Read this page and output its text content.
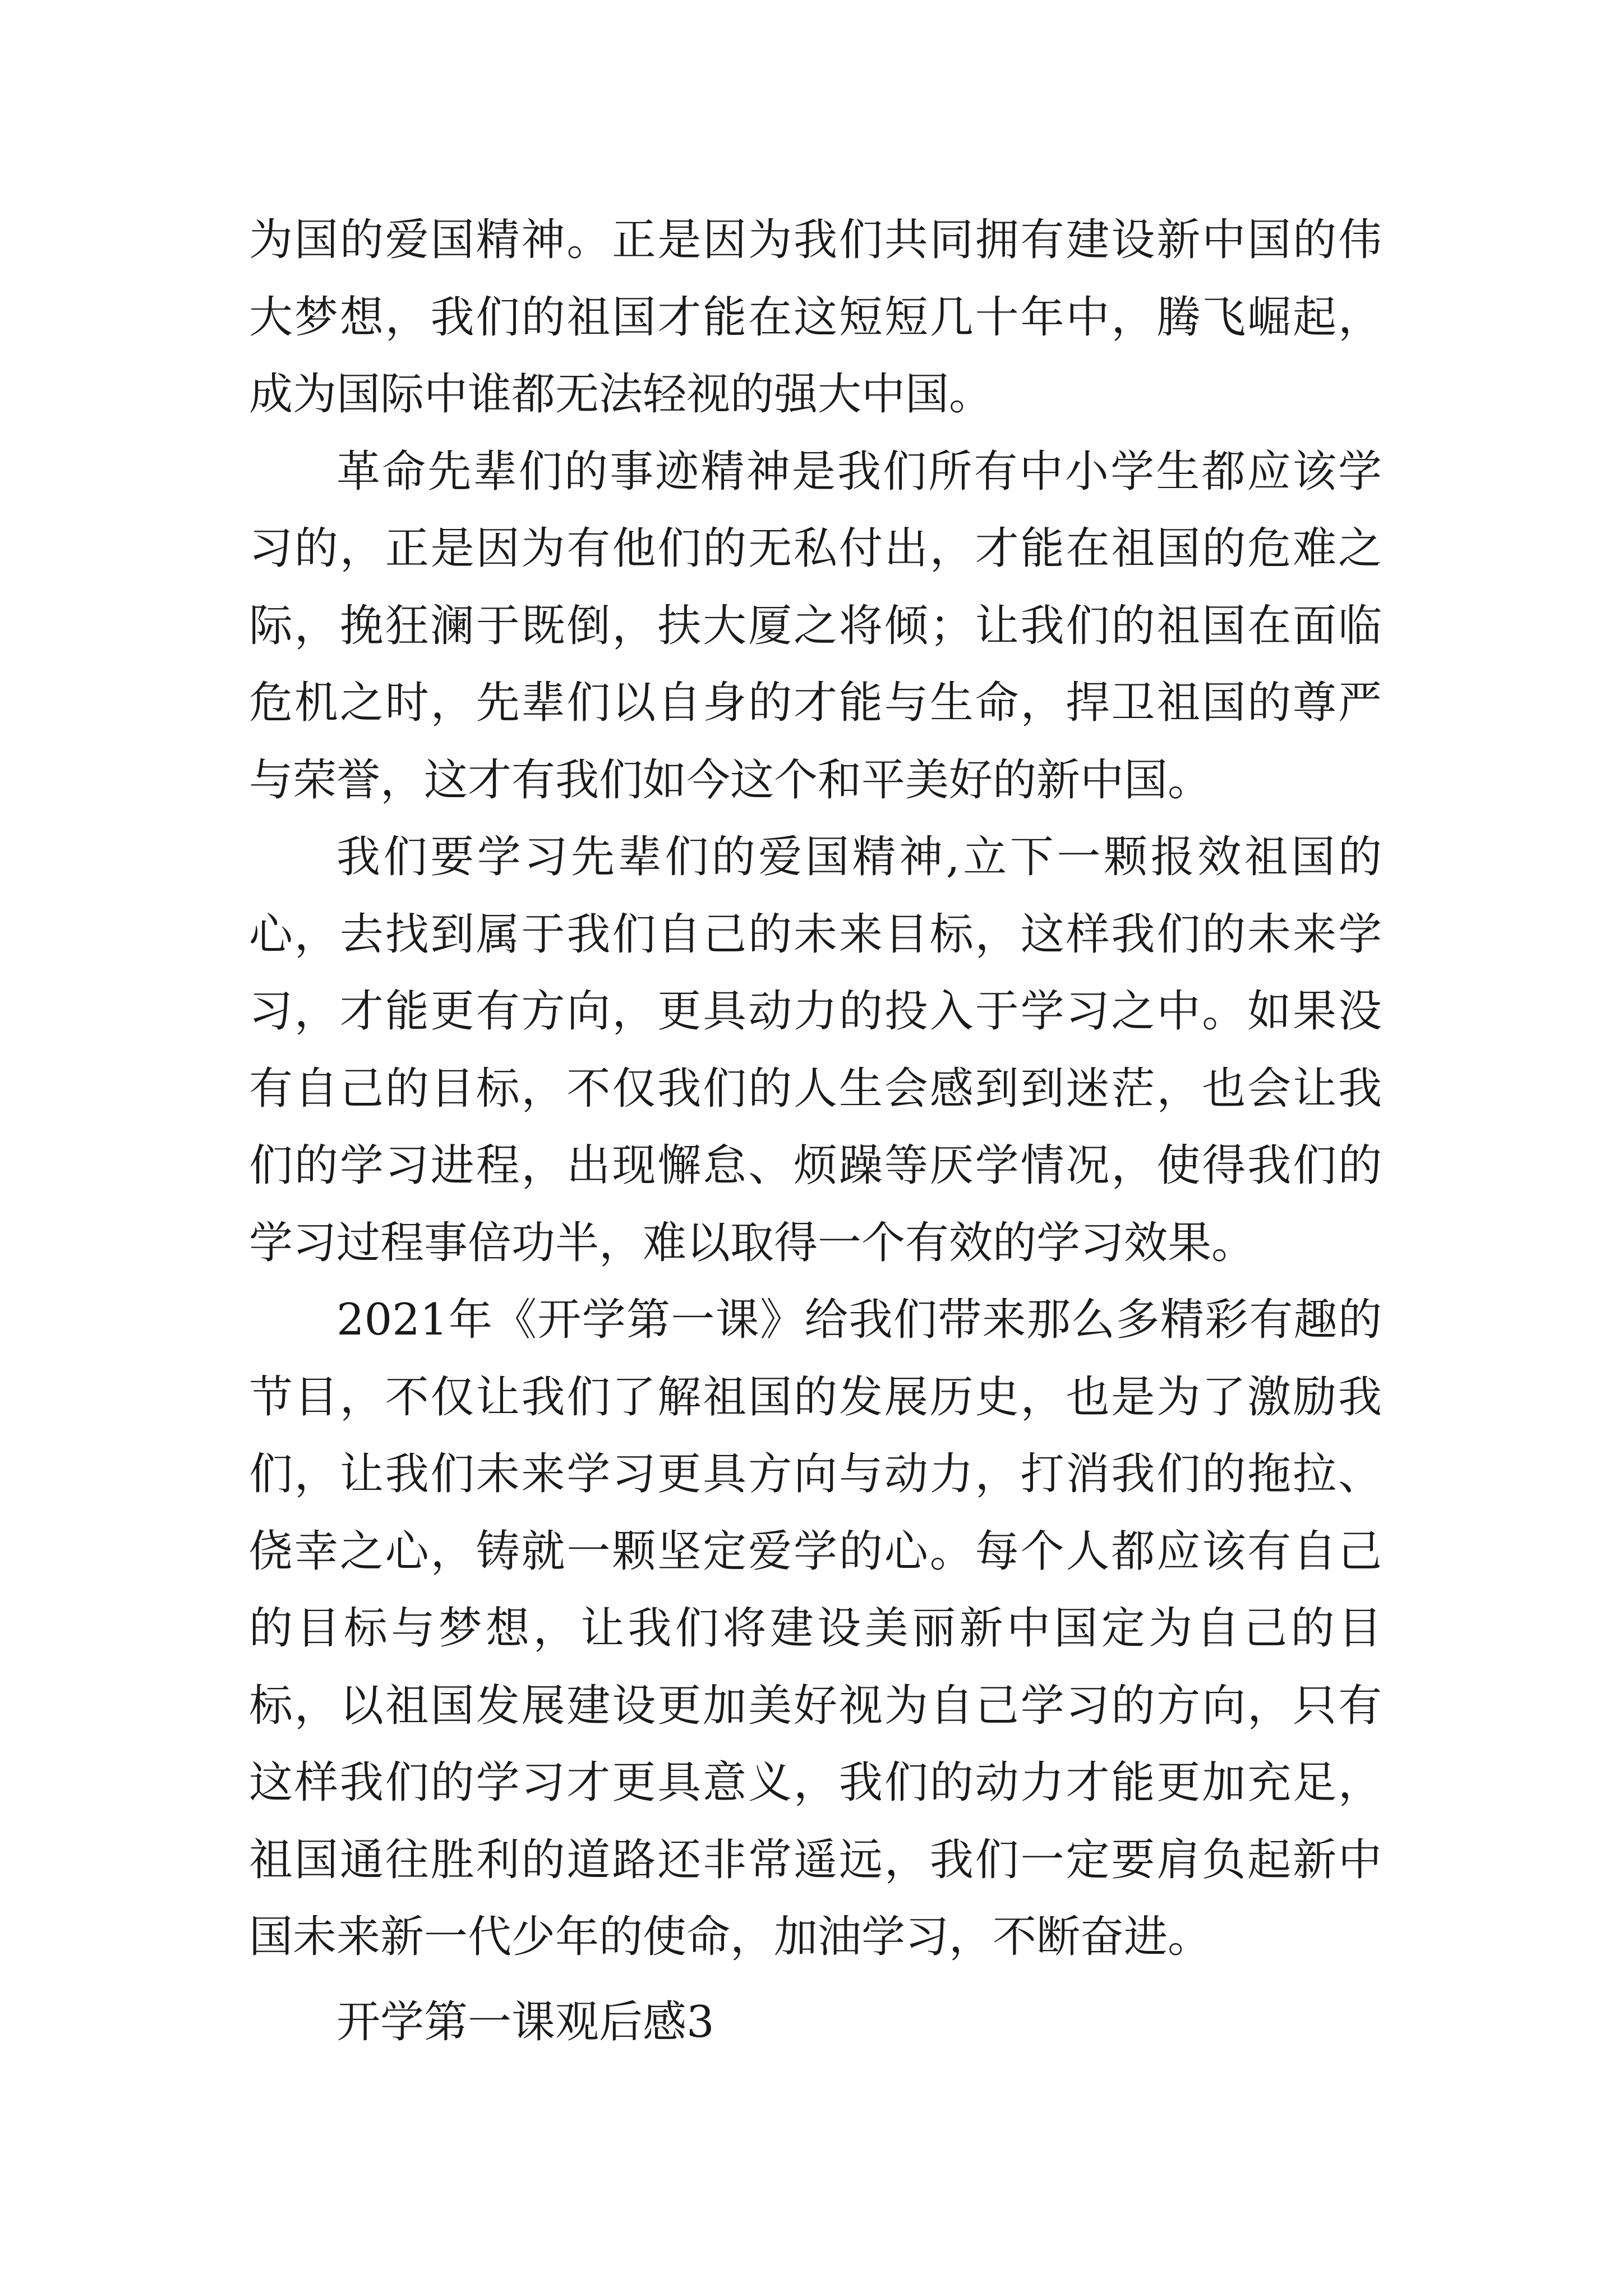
为国的爱国精神。正是因为我们共同拥有建设新中国的伟大梦想，我们的祖国才能在这短短几十年中，腾飞崛起，成为国际中谁都无法轻视的强大中国。

革命先辈们的事迹精神是我们所有中小学生都应该学习的，正是因为有他们的无私付出，才能在祖国的危难之际，挽狂澜于既倒，扶大厦之将倾；让我们的祖国在面临危机之时，先辈们以自身的才能与生命，捍卫祖国的尊严与荣誉，这才有我们如今这个和平美好的新中国。

我们要学习先辈们的爱国精神,立下一颗报效祖国的心，去找到属于我们自己的未来目标，这样我们的未来学习，才能更有方向，更具动力的投入于学习之中。如果没有自己的目标，不仅我们的人生会感到到迷茫，也会让我们的学习进程，出现懈怠、烦躁等厌学情况，使得我们的学习过程事倍功半，难以取得一个有效的学习效果。

2021年《开学第一课》给我们带来那么多精彩有趣的节目，不仅让我们了解祖国的发展历史，也是为了激励我们，让我们未来学习更具方向与动力，打消我们的拖拉、侥幸之心，铸就一颗坚定爱学的心。每个人都应该有自己的目标与梦想，让我们将建设美丽新中国定为自己的目标，以祖国发展建设更加美好视为自己学习的方向，只有这样我们的学习才更具意义，我们的动力才能更加充足，祖国通往胜利的道路还非常遥远，我们一定要肩负起新中国未来新一代少年的使命，加油学习，不断奋进。

开学第一课观后感3
